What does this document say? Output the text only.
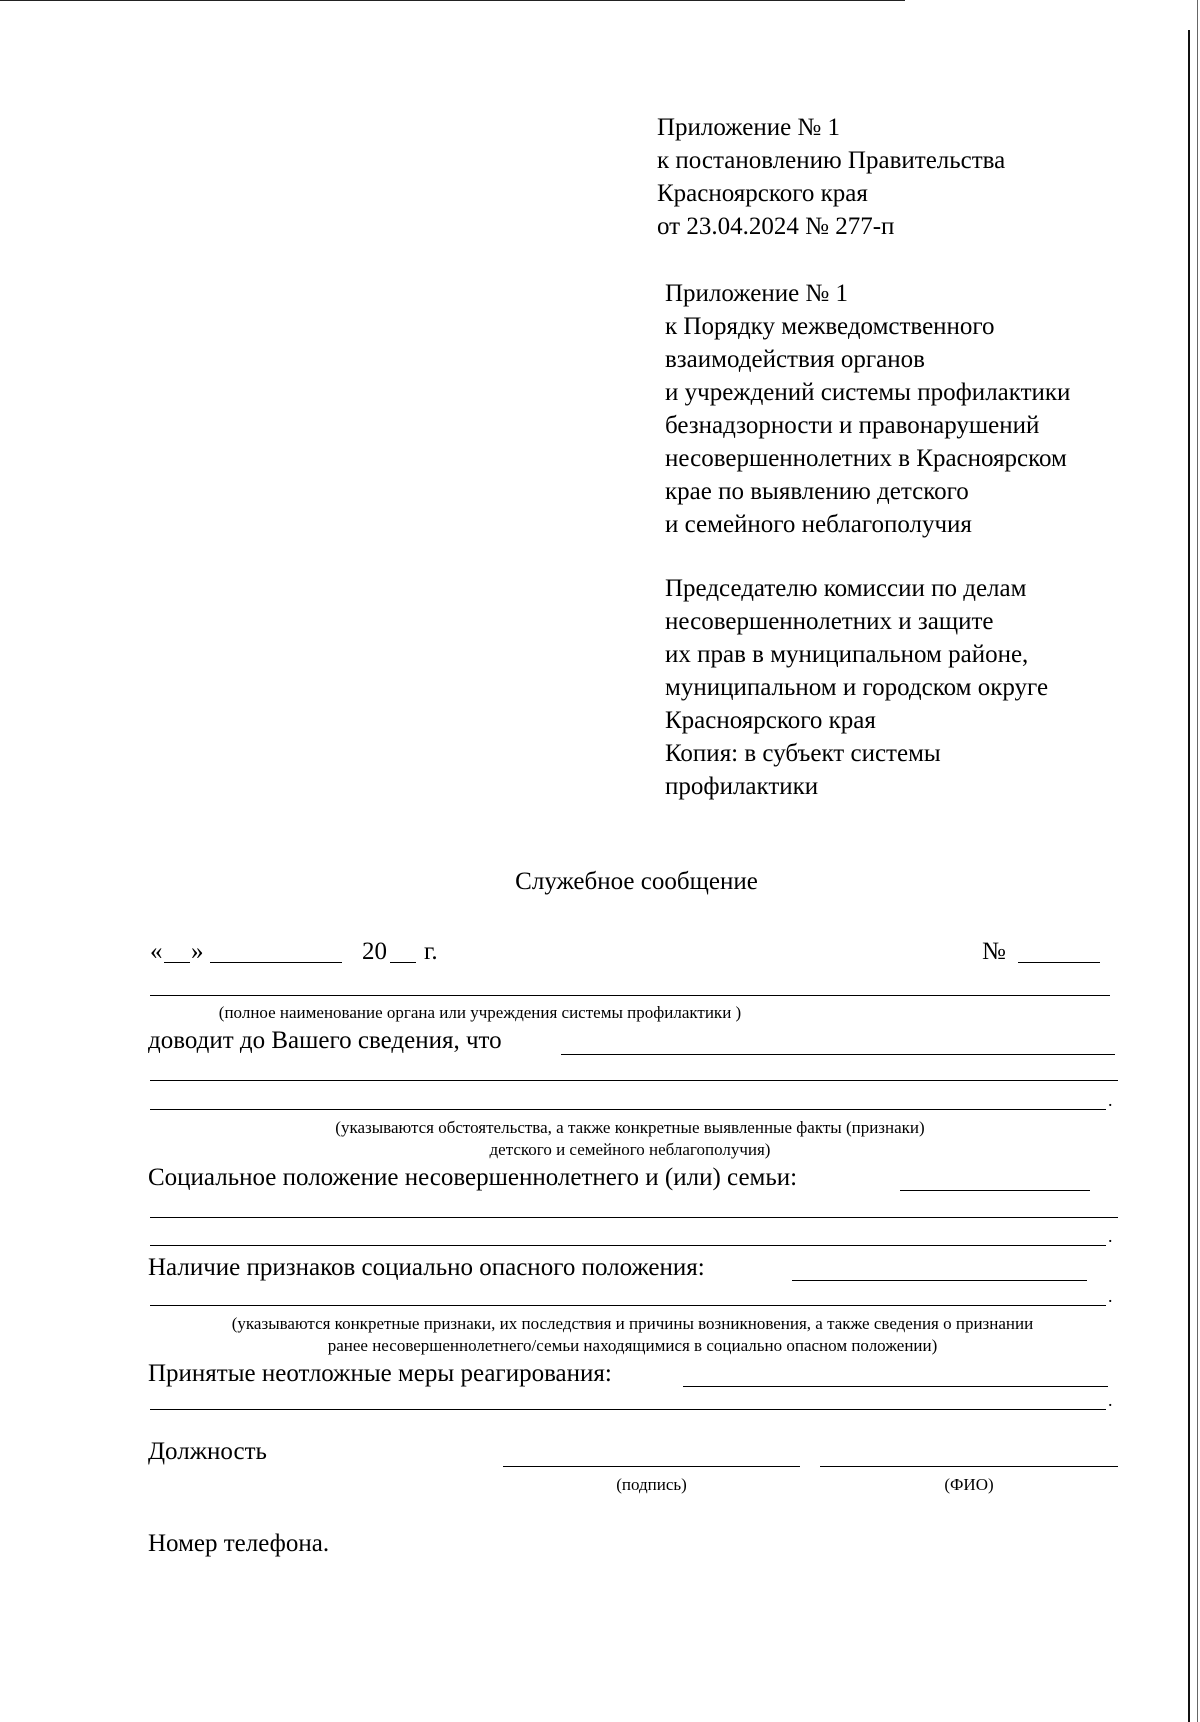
Приложение № 1
к постановлению Правительства
Красноярского края
от 23.04.2024 № 277-п
Приложение № 1
к Порядку межведомственного
взаимодействия органов
и учреждений системы профилактики
безнадзорности и правонарушений
несовершеннолетних в Красноярском
крае по выявлению детского
и семейного неблагополучия
Председателю комиссии по делам
несовершеннолетних и защите
их прав в муниципальном районе,
муниципальном и городском округе
Красноярского края
Копия: в субъект системы
профилактики
Служебное сообщение
« »	20 г.	№
(полное наименование органа или учреждения системы профилактики )
доводит до Вашего сведения, что
.
(указываются обстоятельства, а также конкретные выявленные факты (признаки)
детского и семейного неблагополучия)
Социальное положение несовершеннолетнего и (или) семьи:
.
Наличие признаков социально опасного положения:
.
(указываются конкретные признаки, их последствия и причины возникновения, а также сведения о признании
ранее несовершеннолетнего/семьи находящимися в социально опасном положении)
Принятые неотложные меры реагирования:
.
Должность
(подпись)	(ФИО)
Номер телефона.
